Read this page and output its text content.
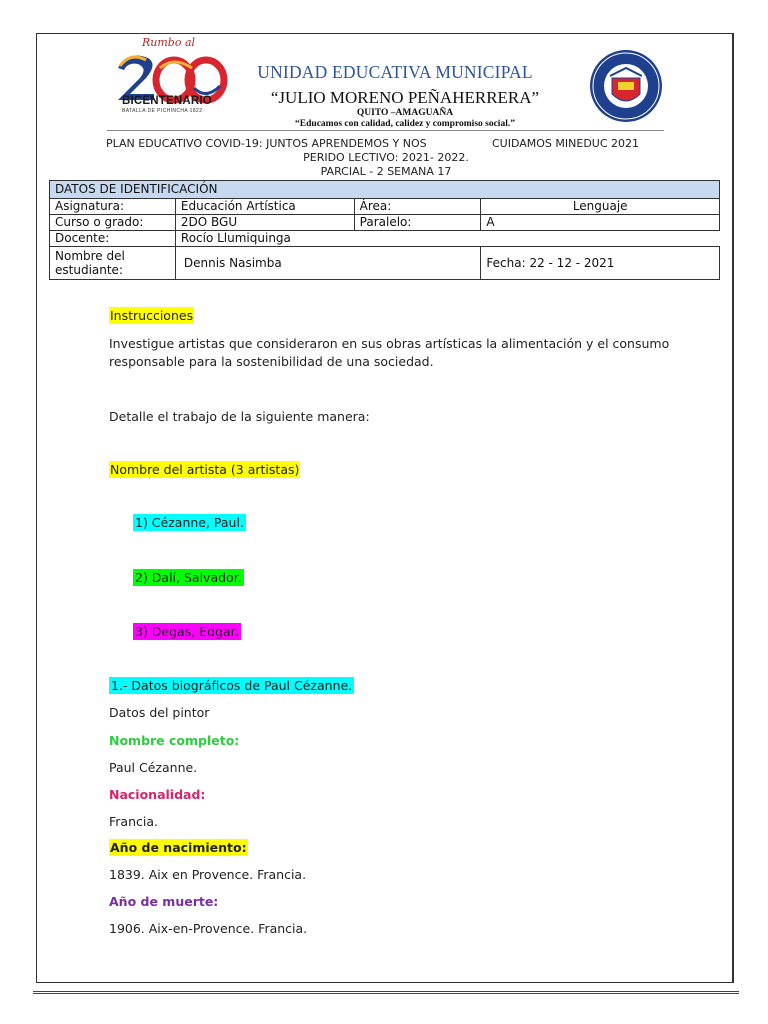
Rumbo al
BICENTENARIO
BATALLA DE PICHINCHA 1822
UNIDAD EDUCATIVA MUNICIPAL
“JULIO MORENO PEÑAHERRERA”
QUITO –AMAGUAÑA
“Educamos con calidad, calidez y compromiso social.”
PLAN EDUCATIVO COVID-19: JUNTOS APRENDEMOS Y NOS	CUIDAMOS MINEDUC 2021
PERIDO LECTIVO: 2021- 2022.
PARCIAL - 2 SEMANA 17
DATOS DE IDENTIFICACIÓN			
Asignatura:	Educación Artística	Área:	Lenguaje
Curso o grado:	2DO BGU	Paralelo:	A
Docente:	Rocío Llumiquinga		
Nombre del
estudiante:	Dennis Nasimba		Fecha: 22 - 12 - 2021
Instrucciones
Investigue artistas que consideraron en sus obras artísticas la alimentación y el consumo
responsable para la sostenibilidad de una sociedad.
Detalle el trabajo de la siguiente manera:
Nombre del artista (3 artistas)
1) Cézanne, Paul.
2) Dalí, Salvador.
3) Degas, Edgar.
1.- Datos biográficos de Paul Cézanne.
Datos del pintor
Nombre completo:
Paul Cézanne.
Nacionalidad:
Francia.
Año de nacimiento:
1839. Aix en Provence. Francia.
Año de muerte:
1906. Aix-en-Provence. Francia.
